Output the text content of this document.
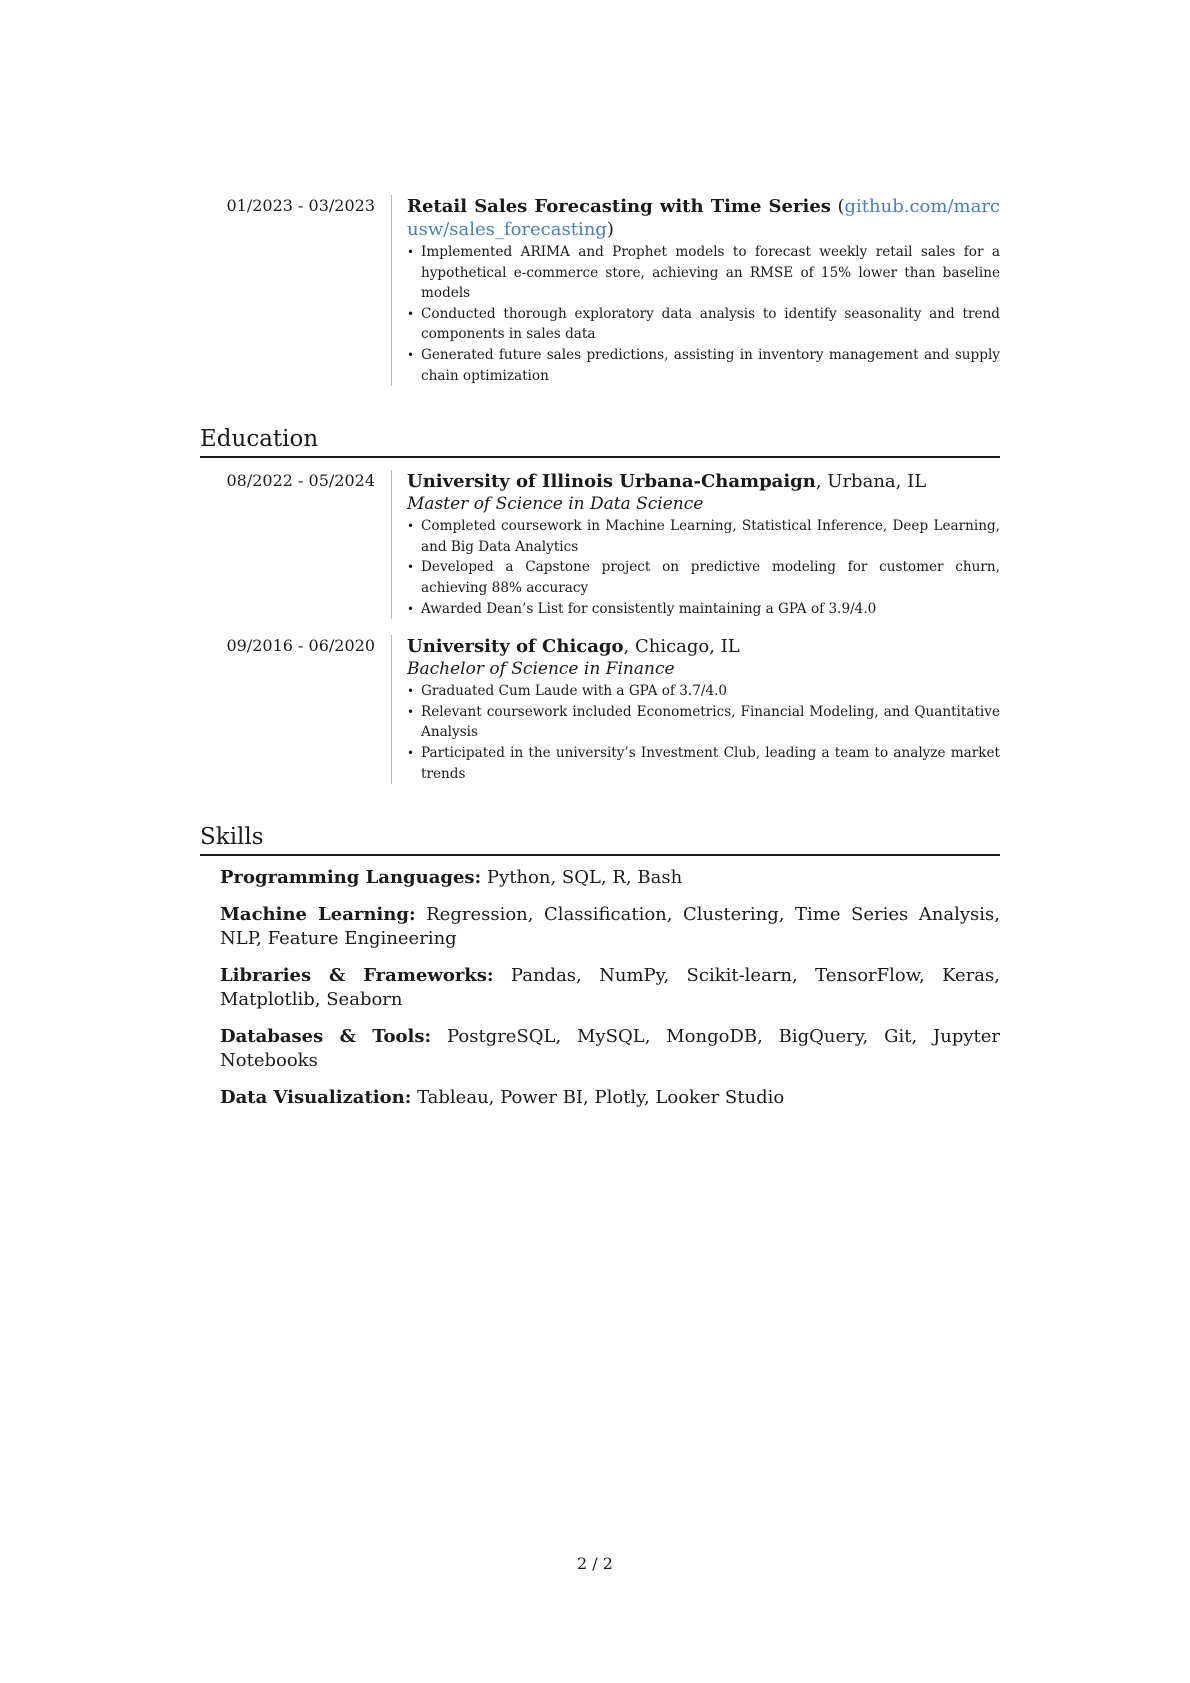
01/2023 - 03/2023	Retail Sales Forecasting with Time Series (github.com/marcusw/sales_forecasting)
• Implemented ARIMA and Prophet models to forecast weekly retail sales for a hypothetical e-commerce store, achieving an RMSE of 15% lower than baseline models
• Conducted thorough exploratory data analysis to identify seasonality and trend components in sales data
• Generated future sales predictions, assisting in inventory management and supply chain optimization
Education
08/2022 - 05/2024	University of Illinois Urbana-Champaign, Urbana, IL
Master of Science in Data Science
• Completed coursework in Machine Learning, Statistical Inference, Deep Learning, and Big Data Analytics
• Developed a Capstone project on predictive modeling for customer churn, achieving 88% accuracy
• Awarded Dean’s List for consistently maintaining a GPA of 3.9/4.0
09/2016 - 06/2020	University of Chicago, Chicago, IL
Bachelor of Science in Finance
• Graduated Cum Laude with a GPA of 3.7/4.0
• Relevant coursework included Econometrics, Financial Modeling, and Quantitative Analysis
• Participated in the university’s Investment Club, leading a team to analyze market trends
Skills
Programming Languages: Python, SQL, R, Bash
Machine Learning: Regression, Classification, Clustering, Time Series Analysis, NLP, Feature Engineering
Libraries & Frameworks: Pandas, NumPy, Scikit-learn, TensorFlow, Keras, Matplotlib, Seaborn
Databases & Tools: PostgreSQL, MySQL, MongoDB, BigQuery, Git, Jupyter Notebooks
Data Visualization: Tableau, Power BI, Plotly, Looker Studio
2 / 2
